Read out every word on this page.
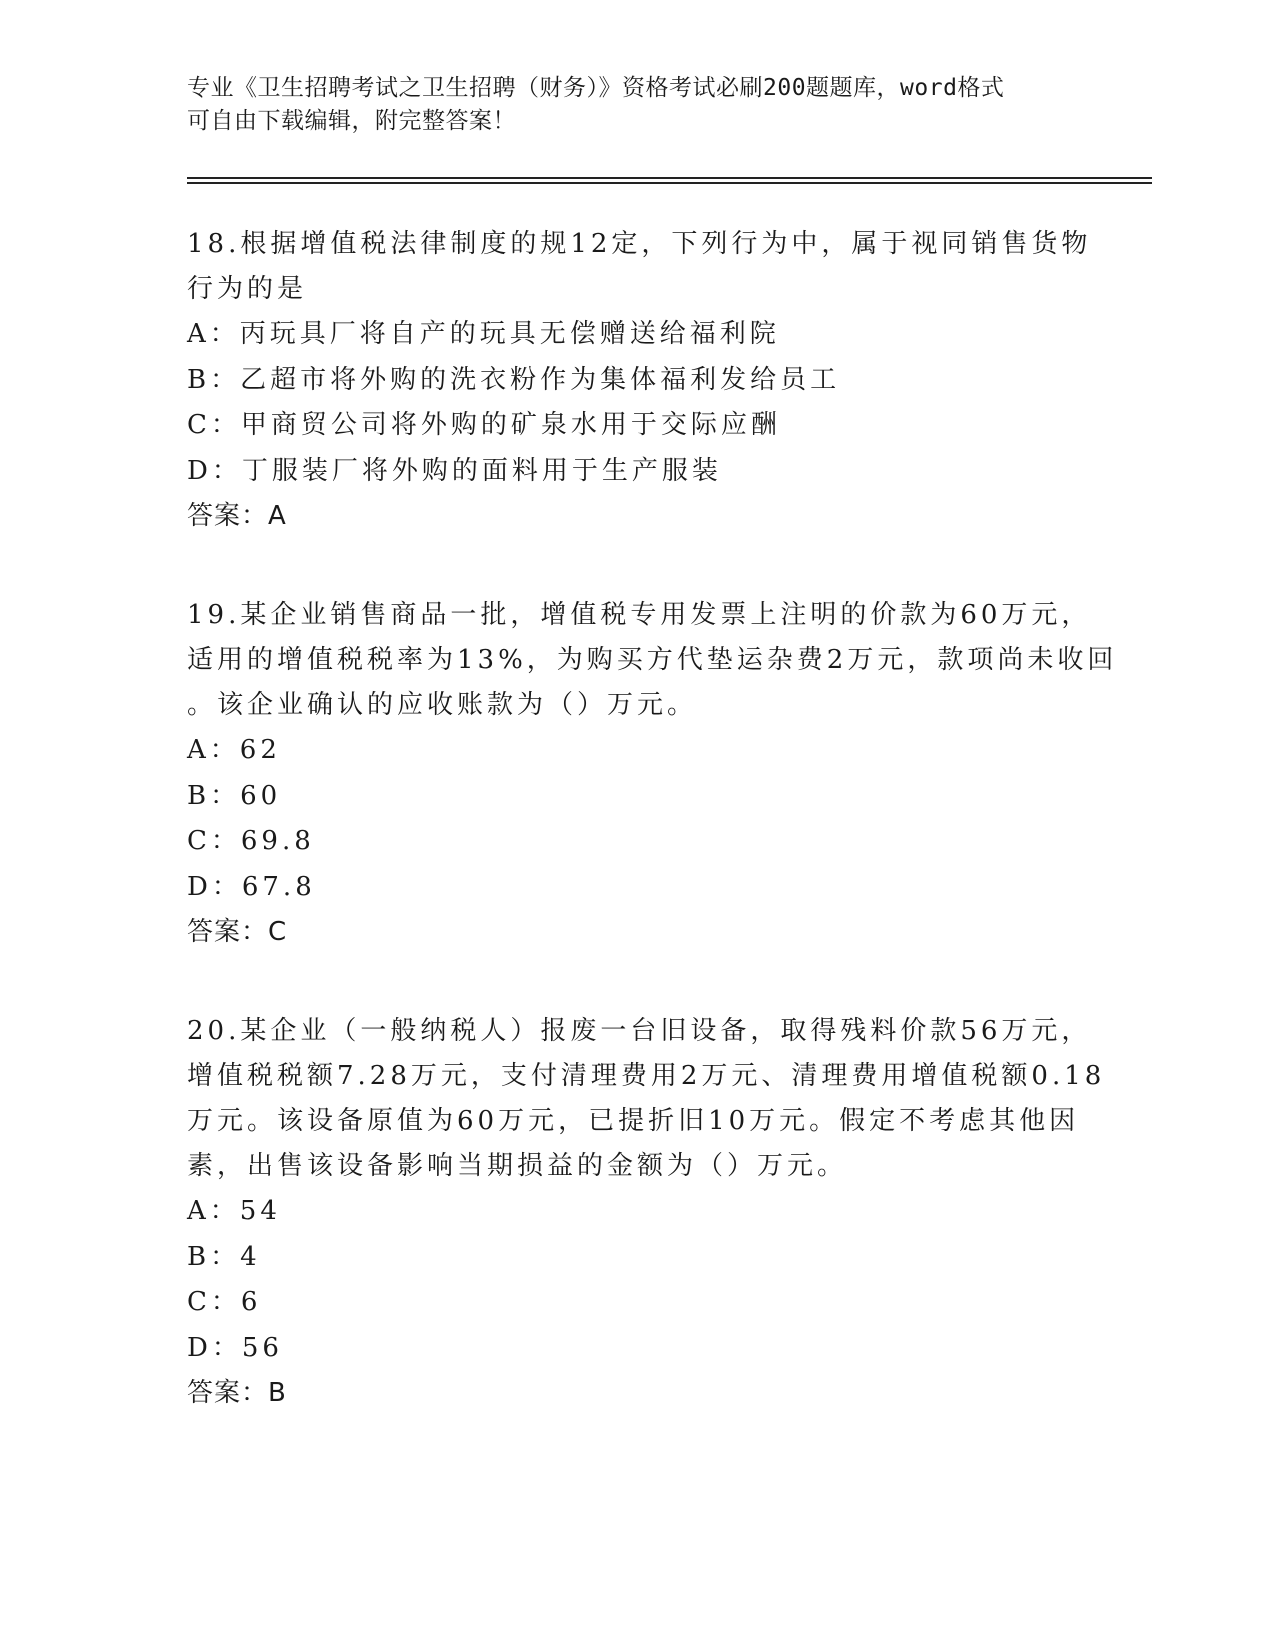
专业《卫生招聘考试之卫生招聘（财务）》资格考试必刷200题题库，word格式
可自由下载编辑，附完整答案！
18.根据增值税法律制度的规12定，下列行为中，属于视同销售货物
行为的是
A：丙玩具厂将自产的玩具无偿赠送给福利院
B：乙超市将外购的洗衣粉作为集体福利发给员工
C：甲商贸公司将外购的矿泉水用于交际应酬
D：丁服装厂将外购的面料用于生产服装
答案：A
19.某企业销售商品一批，增值税专用发票上注明的价款为60万元，
适用的增值税税率为13%，为购买方代垫运杂费2万元，款项尚未收回
。该企业确认的应收账款为（）万元。
A：62
B：60
C：69.8
D：67.8
答案：C
20.某企业（一般纳税人）报废一台旧设备，取得残料价款56万元，
增值税税额7.28万元，支付清理费用2万元、清理费用增值税额0.18
万元。该设备原值为60万元，已提折旧10万元。假定不考虑其他因
素，出售该设备影响当期损益的金额为（）万元。
A：54
B：4
C：6
D：56
答案：B
